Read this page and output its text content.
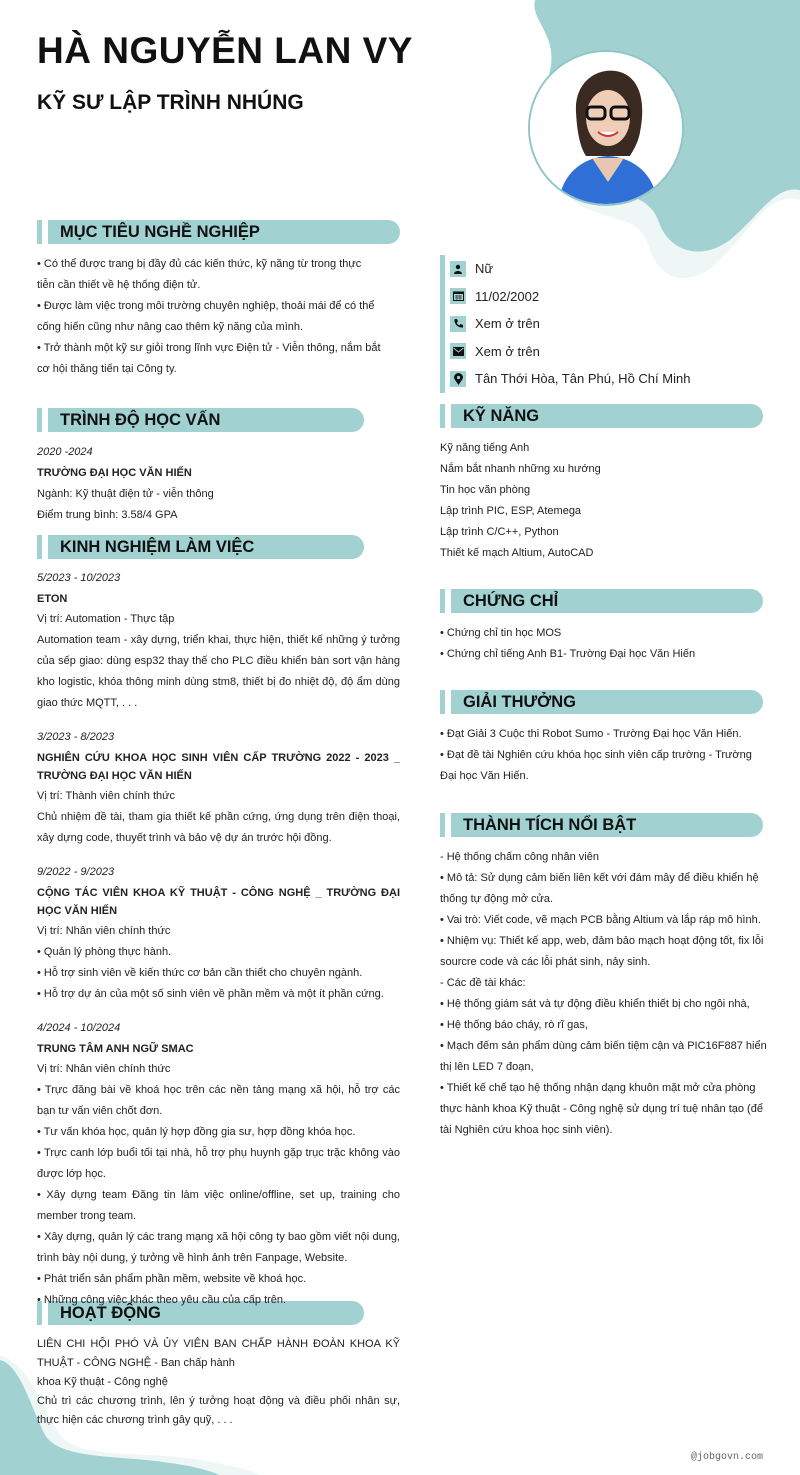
HÀ NGUYỄN LAN VY
KỸ SƯ LẬP TRÌNH NHÚNG
Nữ
11/02/2002
Xem ở trên
Xem ở trên
Tân Thới Hòa, Tân Phú, Hồ Chí Minh
MỤC TIÊU NGHỀ NGHIỆP
TRÌNH ĐỘ HỌC VẤN
KINH NGHIỆM LÀM VIỆC
HOẠT ĐỘNG
KỸ NĂNG
CHỨNG CHỈ
GIẢI THƯỞNG
THÀNH TÍCH NỔI BẬT
• Có thể được trang bị đầy đủ các kiến thức, kỹ năng từ trong thực tiễn cần thiết về hệ thống điện tử.
• Được làm việc trong môi trường chuyên nghiệp, thoải mái để có thể cống hiến cũng như nâng cao thêm kỹ năng của mình.
• Trở thành một kỹ sư giỏi trong lĩnh vực Điện tử - Viễn thông, nắm bắt cơ hội thăng tiến tại Công ty.
2020 -2024
TRƯỜNG ĐẠI HỌC VĂN HIẾN
Ngành: Kỹ thuật điện tử - viễn thông
Điểm trung bình: 3.58/4 GPA
5/2023 - 10/2023
ETON
Vị trí: Automation - Thực tập
Automation team - xây dựng, triển khai, thực hiện, thiết kế những ý tưởng của sếp giao: dùng esp32 thay thế cho PLC điều khiển bàn sort vận hàng kho logistic, khóa thông minh dùng stm8, thiết bị đo nhiệt độ, độ ẩm dùng giao thức MQTT, . . .
3/2023 - 8/2023
NGHIÊN CỨU KHOA HỌC SINH VIÊN CẤP TRƯỜNG 2022 - 2023 _ TRƯỜNG ĐẠI HỌC VĂN HIẾN
Vị trí: Thành viên chính thức
Chủ nhiệm đề tài, tham gia thiết kế phần cứng, ứng dụng trên điện thoại, xây dựng code, thuyết trình và bảo vệ dự án trước hội đồng.
9/2022 - 9/2023
CỘNG TÁC VIÊN KHOA KỸ THUẬT - CÔNG NGHỆ _ TRƯỜNG ĐẠI HỌC VĂN HIẾN
Vị trí: Nhân viên chính thức
• Quản lý phòng thực hành.
• Hỗ trợ sinh viên về kiến thức cơ bản cần thiết cho chuyên ngành.
• Hỗ trợ dự án của một số sinh viên về phần mềm và một ít phần cứng.
4/2024 - 10/2024
TRUNG TÂM ANH NGỮ SMAC
Vị trí: Nhân viên chính thức
• Trực đăng bài về khoá học trên các nền tảng mạng xã hội, hỗ trợ các bạn tư vấn viên chốt đơn.
• Tư vấn khóa học, quản lý hợp đồng gia sư, hợp đồng khóa học.
• Trực canh lớp buổi tối tại nhà, hỗ trợ phụ huynh gặp trục trặc không vào được lớp học.
• Xây dựng team Đăng tin làm việc online/offline, set up, training cho member trong team.
• Xây dựng, quản lý các trang mạng xã hội công ty bao gồm viết nội dung, trình bày nội dung, ý tưởng về hình ảnh trên Fanpage, Website.
• Phát triển sản phẩm phần mềm, website về khoá học.
• Những công việc khác theo yêu cầu của cấp trên.
LIÊN CHI HỘI PHÓ VÀ ỦY VIÊN BAN CHẤP HÀNH ĐOÀN KHOA KỸ THUẬT - CÔNG NGHỆ - Ban chấp hành
khoa Kỹ thuật - Công nghệ
Chủ trì các chương trình, lên ý tưởng hoạt động và điều phối nhân sự, thực hiện các chương trình gây quỹ, . . .
Kỹ năng tiếng Anh
Nắm bắt nhanh những xu hướng
Tin học văn phòng
Lập trình PIC, ESP, Atemega
Lập trình C/C++, Python
Thiết kế mạch Altium, AutoCAD
• Chứng chỉ tin học MOS
• Chứng chỉ tiếng Anh B1- Trường Đại học Văn Hiến
• Đạt Giải 3 Cuộc thi Robot Sumo - Trường Đại học Văn Hiến.
• Đạt đề tài Nghiên cứu khóa học sinh viên cấp trường - Trường Đại học Văn Hiến.
- Hệ thống chấm công nhân viên
• Mô tả: Sử dụng cảm biến liên kết với đám mây để điều khiển hệ thống tự động mở cửa.
• Vai trò: Viết code, vẽ mạch PCB bằng Altium và lắp ráp mô hình.
• Nhiệm vụ: Thiết kế app, web, đảm bảo mạch hoạt động tốt, fix lỗi sourcre code và các lỗi phát sinh, nảy sinh.
- Các đề tài khác:
• Hệ thống giám sát và tự động điều khiển thiết bị cho ngôi nhà,
• Hệ thống báo cháy, rò rĩ gas,
• Mạch đếm sản phẩm dùng cảm biến tiệm cận và PIC16F887 hiển thị lên LED 7 đoạn,
• Thiết kế chế tạo hệ thống nhận dạng khuôn mặt mở cửa phòng thực hành khoa Kỹ thuật - Công nghệ sử dụng trí tuệ nhân tạo (để tài Nghiên cứu khoa học sinh viên).
@jobgovn.com
